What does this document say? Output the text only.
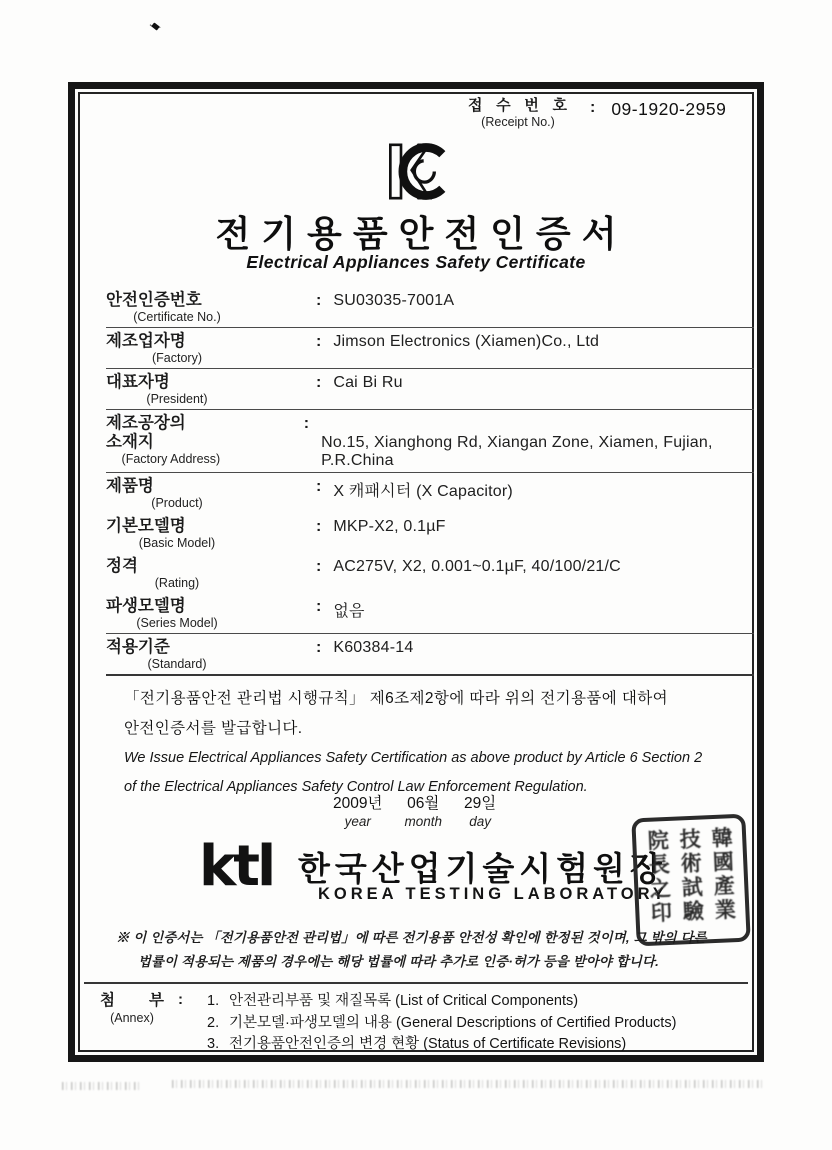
접 수 번 호
(Receipt No.)
: 09-1920-2959
전기용품안전인증서
Electrical Appliances Safety Certificate
안전인증번호
(Certificate No.)
: SU03035-7001A
제조업자명
(Factory)
: Jimson Electronics (Xiamen)Co., Ltd
대표자명
(President)
: Cai Bi Ru
제조공장의
소재지
(Factory Address)
:
No.15, Xianghong Rd, Xiangan Zone, Xiamen, Fujian, P.R.China
제품명
(Product)
: X 캐패시터 (X Capacitor)
기본모델명
(Basic Model)
: MKP-X2, 0.1µF
정격
(Rating)
: AC275V, X2, 0.001~0.1µF, 40/100/21/C
파생모델명
(Series Model)
: 없음
적용기준
(Standard)
: K60384-14
「전기용품안전 관리법 시행규칙」 제6조제2항에 따라 위의 전기용품에 대하여
안전인증서를 발급합니다.
We Issue Electrical Appliances Safety Certification as above product by Article 6 Section 2
of the Electrical Appliances Safety Control Law Enforcement Regulation.
2009년
year
06월
month
29일
day
ktl 한국산업기술시험원장
KOREA TESTING LABORATORY	韓國產業技術試驗院長之印
※ 이 인증서는 「전기용품안전 관리법」에 따른 전기용품 안전성 확인에 한정된 것이며, 그 밖의 다른
법률이 적용되는 제품의 경우에는 해당 법률에 따라 추가로 인증·허가 등을 받아야 합니다.
첨 부
(Annex)
: 1. 안전관리부품 및 재질목록 (List of Critical Components)
2. 기본모델·파생모델의 내용 (General Descriptions of Certified Products)
3. 전기용품안전인증의 변경 현황 (Status of Certificate Revisions)
